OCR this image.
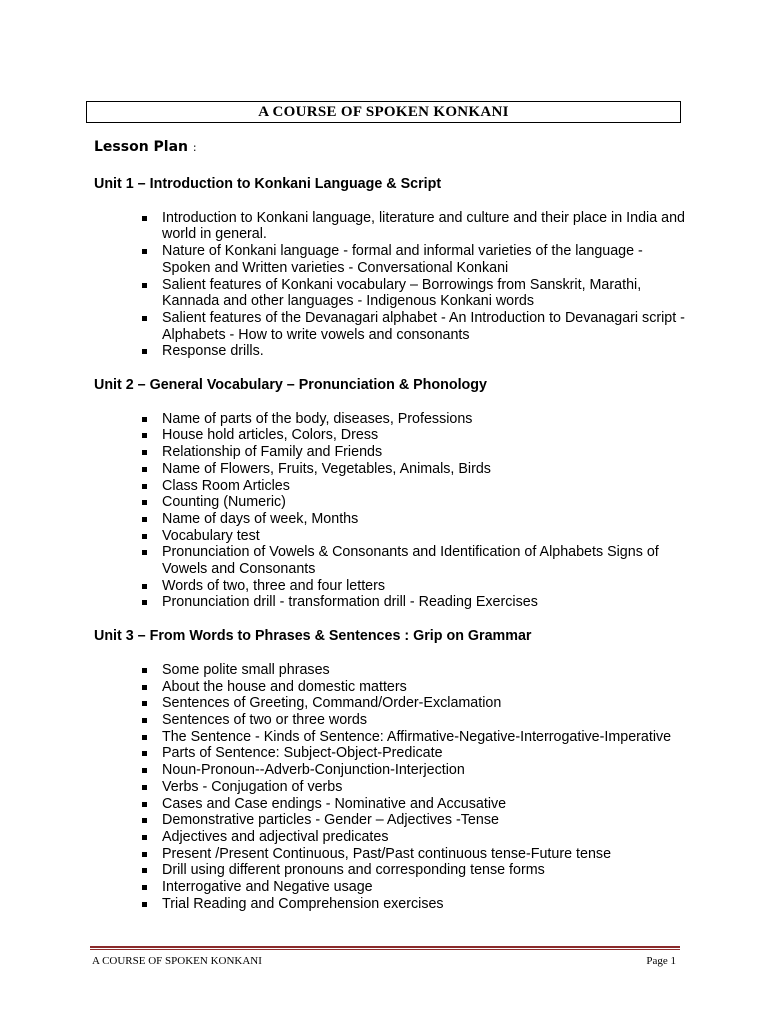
A COURSE OF SPOKEN KONKANI
Lesson Plan :
Unit 1 – Introduction to Konkani Language & Script
Introduction to Konkani language, literature and culture and their place in India and world in general.
Nature of Konkani language - formal and informal varieties of the language - Spoken and Written varieties - Conversational Konkani
Salient features of Konkani vocabulary – Borrowings from Sanskrit, Marathi, Kannada and other languages - Indigenous Konkani words
Salient features of the Devanagari alphabet - An Introduction to Devanagari script - Alphabets - How to write vowels and consonants
Response drills.
Unit 2 – General Vocabulary – Pronunciation & Phonology
Name of parts of the body, diseases, Professions
House hold articles, Colors, Dress
Relationship of Family and Friends
Name of Flowers, Fruits, Vegetables, Animals, Birds
Class Room Articles
Counting (Numeric)
Name of days of week, Months
Vocabulary test
Pronunciation of Vowels & Consonants and Identification of Alphabets Signs of Vowels and Consonants
Words of two, three and four letters
Pronunciation drill - transformation drill - Reading Exercises
Unit 3 – From Words to Phrases & Sentences : Grip on Grammar
Some polite small phrases
About the house and domestic matters
Sentences of Greeting, Command/Order-Exclamation
Sentences of two or three words
The Sentence - Kinds of Sentence: Affirmative-Negative-Interrogative-Imperative
Parts of Sentence: Subject-Object-Predicate
Noun-Pronoun--Adverb-Conjunction-Interjection
Verbs - Conjugation of verbs
Cases and Case endings - Nominative and Accusative
Demonstrative particles - Gender – Adjectives -Tense
Adjectives and adjectival predicates
Present /Present Continuous, Past/Past continuous tense-Future tense
Drill using different pronouns and corresponding tense forms
Interrogative and Negative usage
Trial Reading and Comprehension exercises
A COURSE OF SPOKEN KONKANI	Page 1
